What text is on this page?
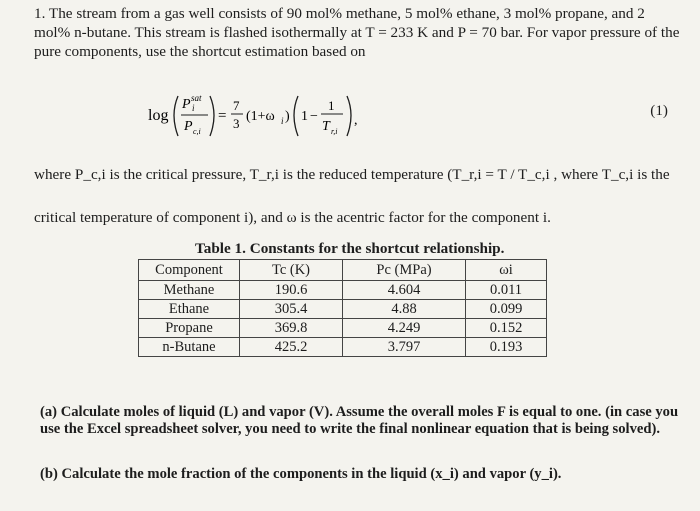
1. The stream from a gas well consists of 90 mol% methane, 5 mol% ethane, 3 mol% propane, and 2 mol% n-butane. This stream is flashed isothermally at T = 233 K and P = 70 bar. For vapor pressure of the pure components, use the shortcut estimation based on
log
P sat
i
P c,i
=
7
3 (1+ω i ) 1 −
1
T r,i
,
(1)
where P_c,i is the critical pressure, T_r,i is the reduced temperature (T_r,i = T / T_c,i , where T_c,i is the
critical temperature of component i), and ω is the acentric factor for the component i.
Table 1. Constants for the shortcut relationship.
Component	Tc (K)	Pc (MPa)	ωi
Methane	190.6	4.604	0.011
Ethane	305.4	4.88	0.099
Propane	369.8	4.249	0.152
n-Butane	425.2	3.797	0.193
(a) Calculate moles of liquid (L) and vapor (V). Assume the overall moles F is equal to one. (in case you use the Excel spreadsheet solver, you need to write the final nonlinear equation that is being solved).
(b) Calculate the mole fraction of the components in the liquid (x_i) and vapor (y_i).
